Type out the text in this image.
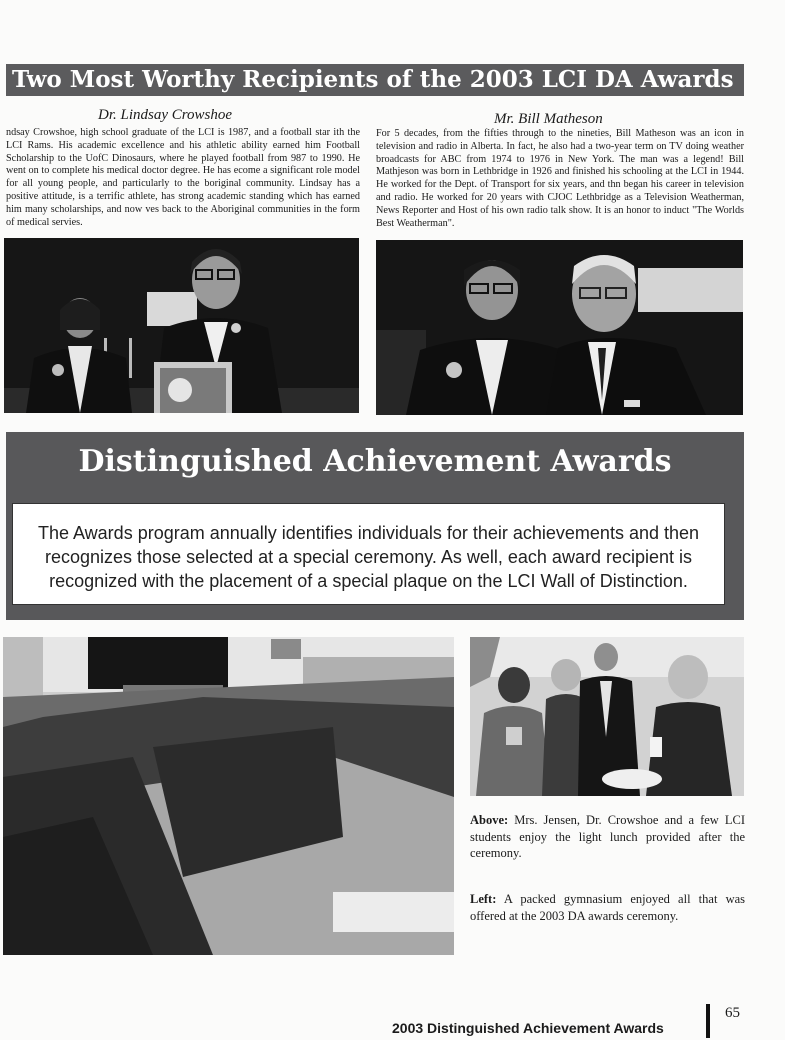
Two Most Worthy Recipients of the 2003 LCI DA Awards
Dr. Lindsay Crowshoe

ndsay Crowshoe, high school graduate of the LCI is 1987, and a football star ith the LCI Rams. His academic excellence and his athletic ability earned him Football Scholarship to the UofC Dinosaurs, where he played football from 987 to 1990. He went on to complete his medical doctor degree. He has ecome a significant role model for all young people, and particularly to the boriginal community. Lindsay has a positive attitude, is a terrific athlete, has strong academic standing which has earned him many scholarships, and now ves back to the Aboriginal communities in the form of medical servies.

Mr. Bill Matheson

For 5 decades, from the fifties through to the nineties, Bill Matheson was an icon in television and radio in Alberta. In fact, he also had a two-year term on TV doing weather broadcasts for ABC from 1974 to 1976 in New York. The man was a legend! Bill Mathjeson was born in Lethbridge in 1926 and finished his schooling at the LCI in 1944. He worked for the Dept. of Transport for six years, and thn began his career in television and radio. He worked for 20 years with CJOC Lethbridge as a Television Weatherman, News Reporter and Host of his own radio talk show. It is an honor to induct "The Worlds Best Weatherman".

Distinguished Achievement Awards
The Awards program annually identifies individuals for their achievements and then recognizes those selected at a special ceremony. As well, each award recipient is recognized with the placement of a special plaque on the LCI Wall of Distinction.

Above: Mrs. Jensen, Dr. Crowshoe and a few LCI students enjoy the light lunch provided after the ceremony.

Left: A packed gymnasium enjoyed all that was offered at the 2003 DA awards ceremony.

2003 Distinguished Achievement Awards
65
